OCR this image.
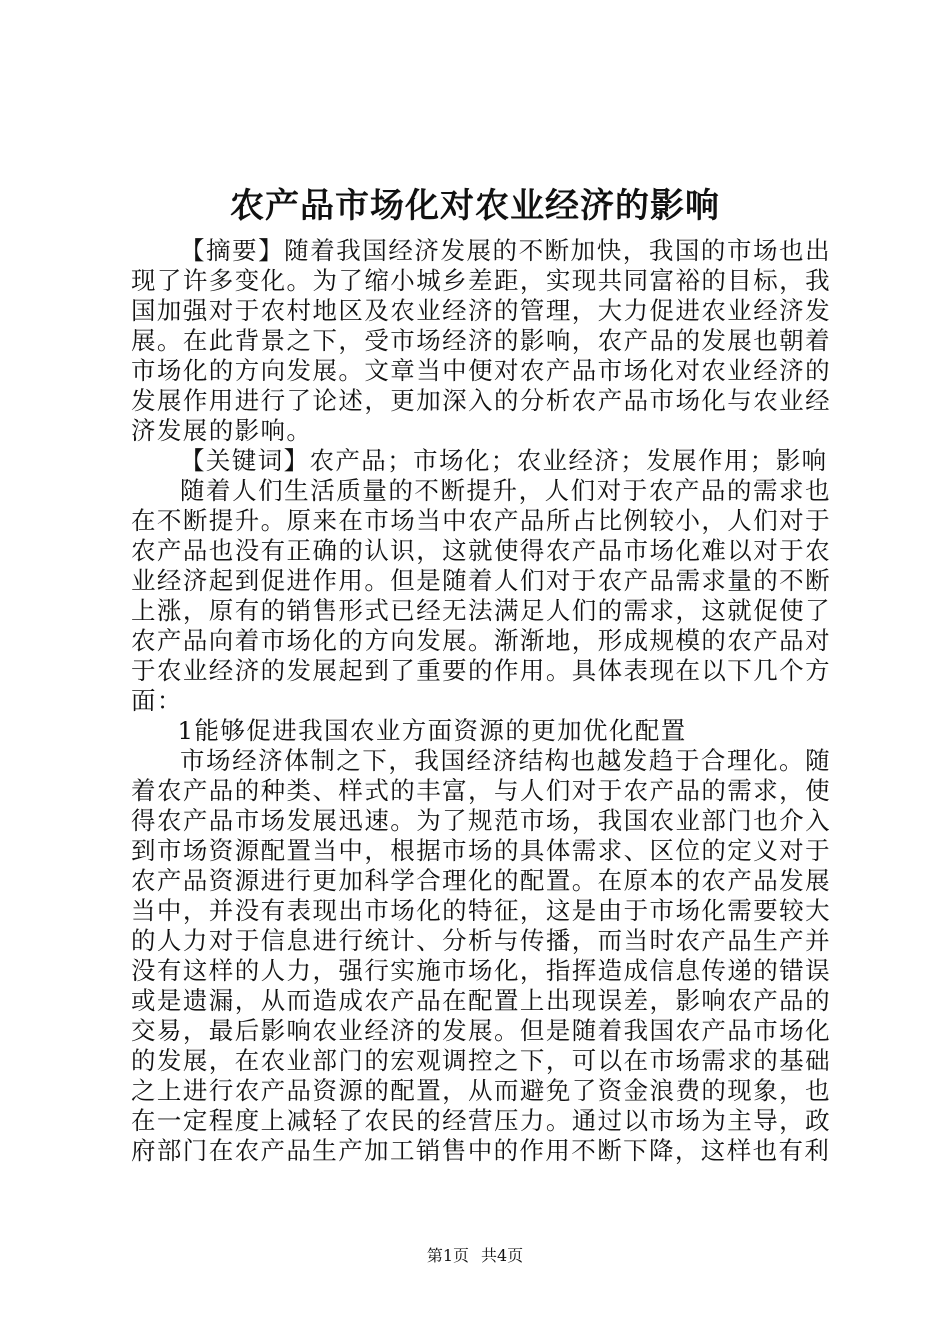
农产品市场化对农业经济的影响

【摘要】随着我国经济发展的不断加快，我国的市场也出现了许多变化。为了缩小城乡差距，实现共同富裕的目标，我国加强对于农村地区及农业经济的管理，大力促进农业经济发展。在此背景之下，受市场经济的影响，农产品的发展也朝着市场化的方向发展。文章当中便对农产品市场化对农业经济的发展作用进行了论述，更加深入的分析农产品市场化与农业经济发展的影响。

【关键词】农产品；市场化；农业经济；发展作用；影响

随着人们生活质量的不断提升，人们对于农产品的需求也在不断提升。原来在市场当中农产品所占比例较小，人们对于农产品也没有正确的认识，这就使得农产品市场化难以对于农业经济起到促进作用。但是随着人们对于农产品需求量的不断上涨，原有的销售形式已经无法满足人们的需求，这就促使了农产品向着市场化的方向发展。渐渐地，形成规模的农产品对于农业经济的发展起到了重要的作用。具体表现在以下几个方面：

1能够促进我国农业方面资源的更加优化配置

市场经济体制之下，我国经济结构也越发趋于合理化。随着农产品的种类、样式的丰富，与人们对于农产品的需求，使得农产品市场发展迅速。为了规范市场，我国农业部门也介入到市场资源配置当中，根据市场的具体需求、区位的定义对于农产品资源进行更加科学合理化的配置。在原本的农产品发展当中，并没有表现出市场化的特征，这是由于市场化需要较大的人力对于信息进行统计、分析与传播，而当时农产品生产并没有这样的人力，强行实施市场化，指挥造成信息传递的错误或是遗漏，从而造成农产品在配置上出现误差，影响农产品的交易，最后影响农业经济的发展。但是随着我国农产品市场化的发展，在农业部门的宏观调控之下，可以在市场需求的基础之上进行农产品资源的配置，从而避免了资金浪费的现象，也在一定程度上减轻了农民的经营压力。通过以市场为主导，政府部门在农产品生产加工销售中的作用不断下降，这样也有利

第1页 共4页
